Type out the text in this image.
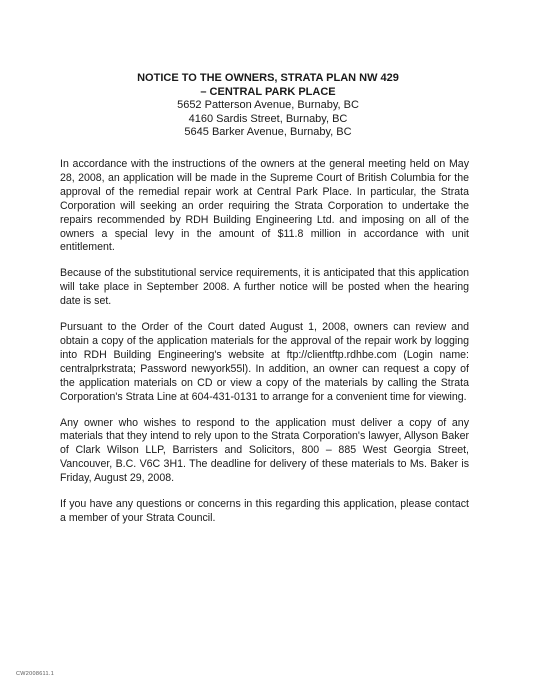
NOTICE TO THE OWNERS, STRATA PLAN NW 429
– CENTRAL PARK PLACE
5652 Patterson Avenue, Burnaby, BC
4160 Sardis Street, Burnaby, BC
5645 Barker Avenue, Burnaby, BC

In accordance with the instructions of the owners at the general meeting held on May 28, 2008, an application will be made in the Supreme Court of British Columbia for the approval of the remedial repair work at Central Park Place. In particular, the Strata Corporation will seeking an order requiring the Strata Corporation to undertake the repairs recommended by RDH Building Engineering Ltd. and imposing on all of the owners a special levy in the amount of $11.8 million in accordance with unit entitlement.

Because of the substitutional service requirements, it is anticipated that this application will take place in September 2008. A further notice will be posted when the hearing date is set.

Pursuant to the Order of the Court dated August 1, 2008, owners can review and obtain a copy of the application materials for the approval of the repair work by logging into RDH Building Engineering's website at ftp://clientftp.rdhbe.com (Login name: centralprkstrata; Password newyork55l). In addition, an owner can request a copy of the application materials on CD or view a copy of the materials by calling the Strata Corporation's Strata Line at 604-431-0131 to arrange for a convenient time for viewing.

Any owner who wishes to respond to the application must deliver a copy of any materials that they intend to rely upon to the Strata Corporation's lawyer, Allyson Baker of Clark Wilson LLP, Barristers and Solicitors, 800 – 885 West Georgia Street, Vancouver, B.C. V6C 3H1. The deadline for delivery of these materials to Ms. Baker is Friday, August 29, 2008.

If you have any questions or concerns in this regarding this application, please contact a member of your Strata Council.

CW2008611.1
